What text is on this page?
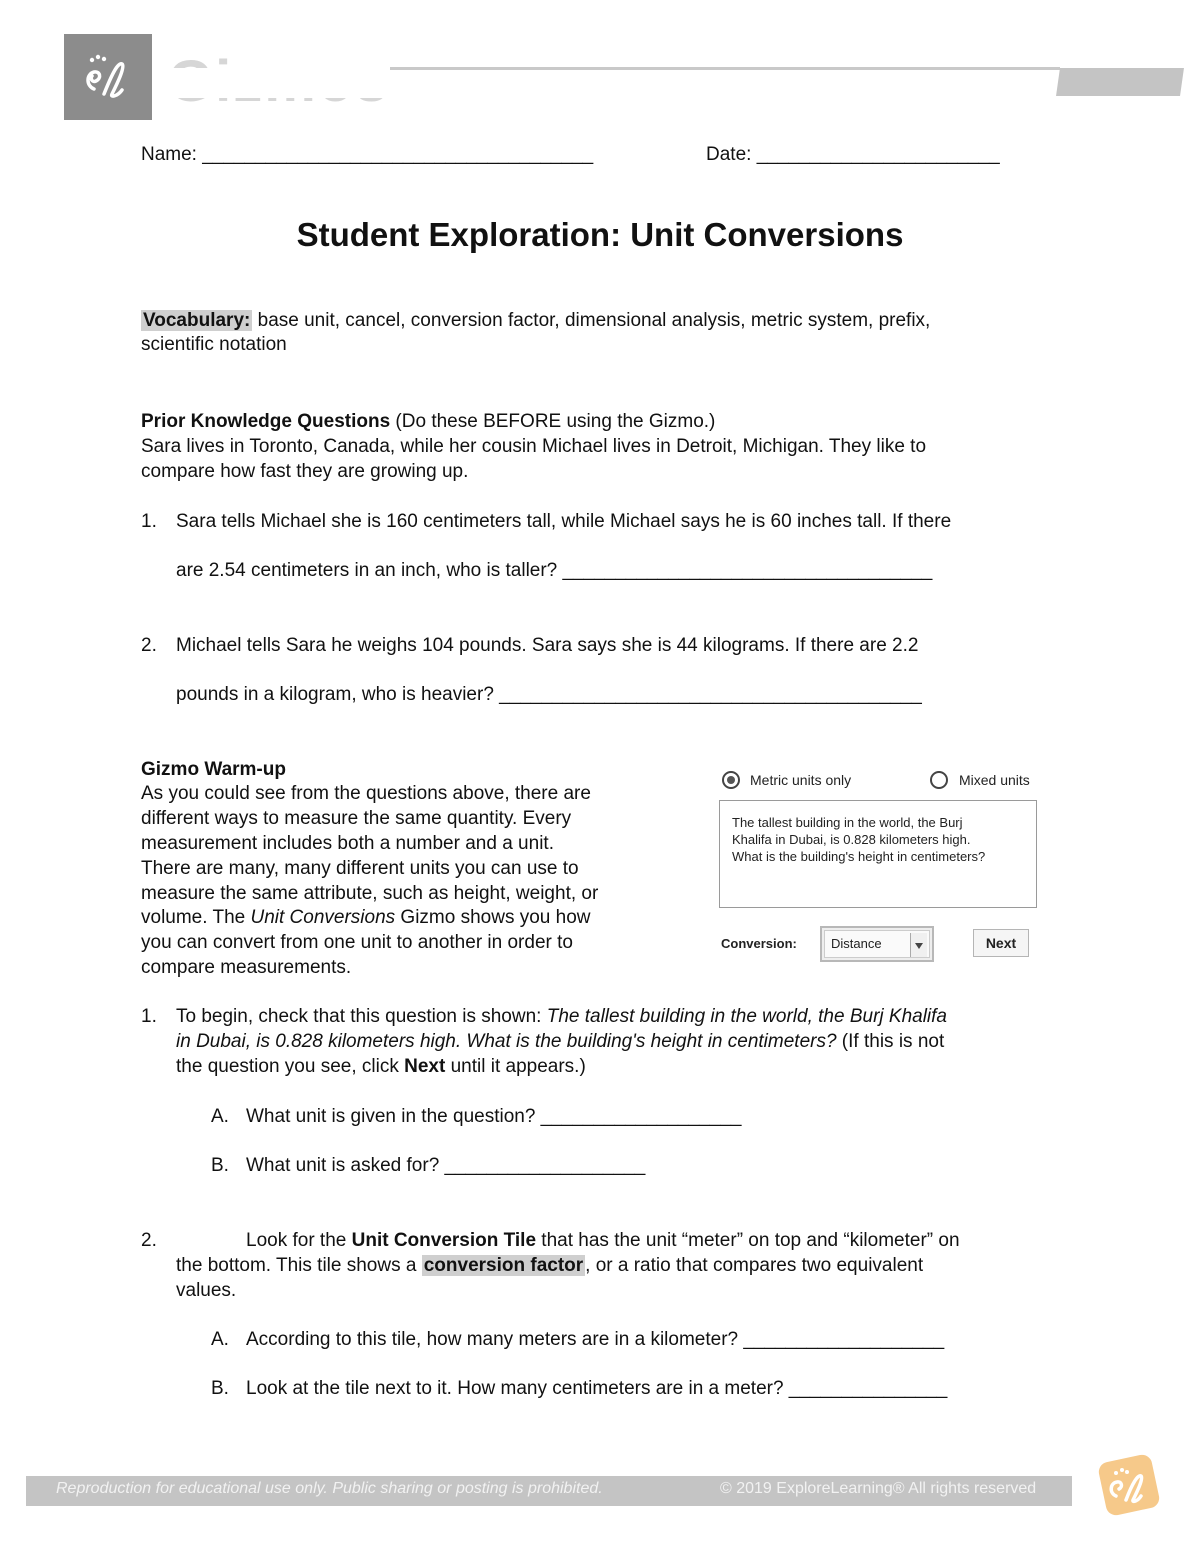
Name: _____________________________________	Date: _______________________
Student Exploration: Unit Conversions
Vocabulary: base unit, cancel, conversion factor, dimensional analysis, metric system, prefix,
scientific notation
Prior Knowledge Questions (Do these BEFORE using the Gizmo.)
Sara lives in Toronto, Canada, while her cousin Michael lives in Detroit, Michigan. They like to
compare how fast they are growing up.
1. Sara tells Michael she is 160 centimeters tall, while Michael says he is 60 inches tall. If there
are 2.54 centimeters in an inch, who is taller? ___________________________________
2. Michael tells Sara he weighs 104 pounds. Sara says she is 44 kilograms. If there are 2.2
pounds in a kilogram, who is heavier? ________________________________________
Gizmo Warm-up
As you could see from the questions above, there are
different ways to measure the same quantity. Every
measurement includes both a number and a unit.
There are many, many different units you can use to
measure the same attribute, such as height, weight, or
volume. The Unit Conversions Gizmo shows you how
you can convert from one unit to another in order to
compare measurements.
Metric units only	Mixed units
The tallest building in the world, the Burj
Khalifa in Dubai, is 0.828 kilometers high.
What is the building's height in centimeters?
Conversion:	Distance	Next
1. To begin, check that this question is shown: The tallest building in the world, the Burj Khalifa
in Dubai, is 0.828 kilometers high. What is the building's height in centimeters? (If this is not
the question you see, click Next until it appears.)
A. What unit is given in the question? ___________________
B. What unit is asked for? ___________________
2.	Look for the Unit Conversion Tile that has the unit “meter” on top and “kilometer” on
the bottom. This tile shows a conversion factor , or a ratio that compares two equivalent
values.
A. According to this tile, how many meters are in a kilometer? ___________________
B. Look at the tile next to it. How many centimeters are in a meter? _______________
Reproduction for educational use only. Public sharing or posting is prohibited.	© 2019 ExploreLearning® All rights reserved
